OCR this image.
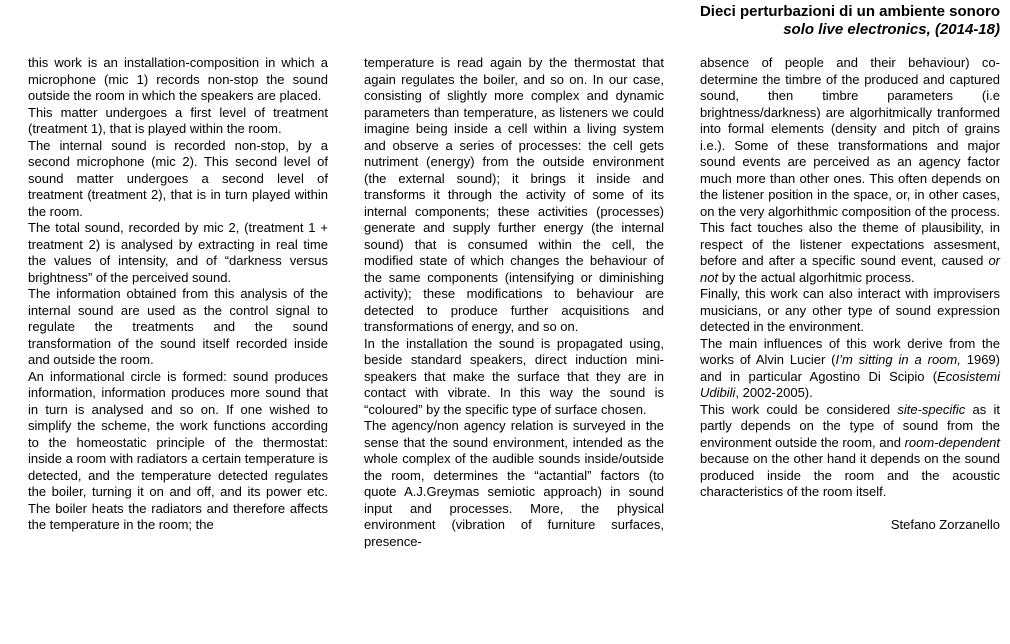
Dieci perturbazioni di un ambiente sonoro
solo live electronics, (2014-18)

this work is an installation-composition in which a microphone (mic 1) records non-stop the sound outside the room in which the speakers are placed.

This matter undergoes a first level of treatment (treatment 1), that is played within the room.

The internal sound is recorded non-stop, by a second microphone (mic 2). This second level of sound matter undergoes a second level of treatment (treatment 2), that is in turn played within the room.

The total sound, recorded by mic 2, (treatment 1 + treatment 2) is analysed by extracting in real time the values of intensity, and of “darkness versus brightness” of the perceived sound.

The information obtained from this analysis of the internal sound are used as the control signal to regulate the treatments and the sound transformation of the sound itself recorded inside and outside the room.

An informational circle is formed: sound produces information, information produces more sound that in turn is analysed and so on. If one wished to simplify the scheme, the work functions according to the homeostatic principle of the thermostat: inside a room with radiators a certain temperature is detected, and the temperature detected regulates the boiler, turning it on and off, and its power etc. The boiler heats the radiators and therefore affects the temperature in the room; the

temperature is read again by the thermostat that again regulates the boiler, and so on. In our case, consisting of slightly more complex and dynamic parameters than temperature, as listeners we could imagine being inside a cell within a living system and observe a series of processes: the cell gets nutriment (energy) from the outside environment (the external sound); it brings it inside and transforms it through the activity of some of its internal components; these activities (processes) generate and supply further energy (the internal sound) that is consumed within the cell, the modified state of which changes the behaviour of the same components (intensifying or diminishing activity); these modifications to behaviour are detected to produce further acquisitions and transformations of energy, and so on.

In the installation the sound is propagated using, beside standard speakers, direct induction mini-speakers that make the surface that they are in contact with vibrate. In this way the sound is “coloured” by the specific type of surface chosen.

The agency/non agency relation is surveyed in the sense that the sound environment, intended as the whole complex of the audible sounds inside/outside the room, determines the “actantial” factors (to quote A.J.Greymas semiotic approach) in sound input and processes. More, the physical environment (vibration of furniture surfaces, presence-

absence of people and their behaviour) co-determine the timbre of the produced and captured sound, then timbre parameters (i.e brightness/darkness) are algorhitmically tranformed into formal elements (density and pitch of grains i.e.). Some of these transformations and major sound events are perceived as an agency factor much more than other ones. This often depends on the listener position in the space, or, in other cases, on the very algorhithmic composition of the process. This fact touches also the theme of plausibility, in respect of the listener expectations assesment, before and after a specific sound event, caused or not by the actual algorhitmic process.

Finally, this work can also interact with improvisers musicians, or any other type of sound expression detected in the environment.

The main influences of this work derive from the works of Alvin Lucier (I’m sitting in a room, 1969) and in particular Agostino Di Scipio (Ecosistemi Udibili, 2002-2005).

This work could be considered site-specific as it partly depends on the type of sound from the environment outside the room, and room-dependent because on the other hand it depends on the sound produced inside the room and the acoustic characteristics of the room itself.

Stefano Zorzanello
